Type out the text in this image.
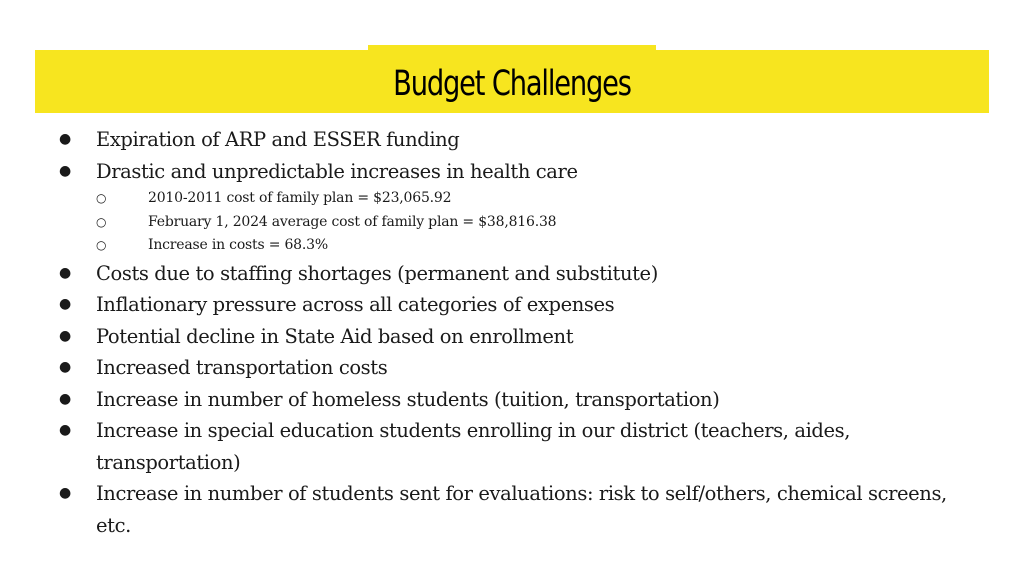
Budget Challenges
● Expiration of ARP and ESSER funding
● Drastic and unpredictable increases in health care
○	2010-2011 cost of family plan = $23,065.92
○	February 1, 2024 average cost of family plan = $38,816.38
○	Increase in costs = 68.3%
● Costs due to staffing shortages (permanent and substitute)
● Inflationary pressure across all categories of expenses
● Potential decline in State Aid based on enrollment
● Increased transportation costs
● Increase in number of homeless students (tuition, transportation)
● Increase in special education students enrolling in our district (teachers, aides, transportation)
● Increase in number of students sent for evaluations: risk to self/others, chemical screens, etc.
